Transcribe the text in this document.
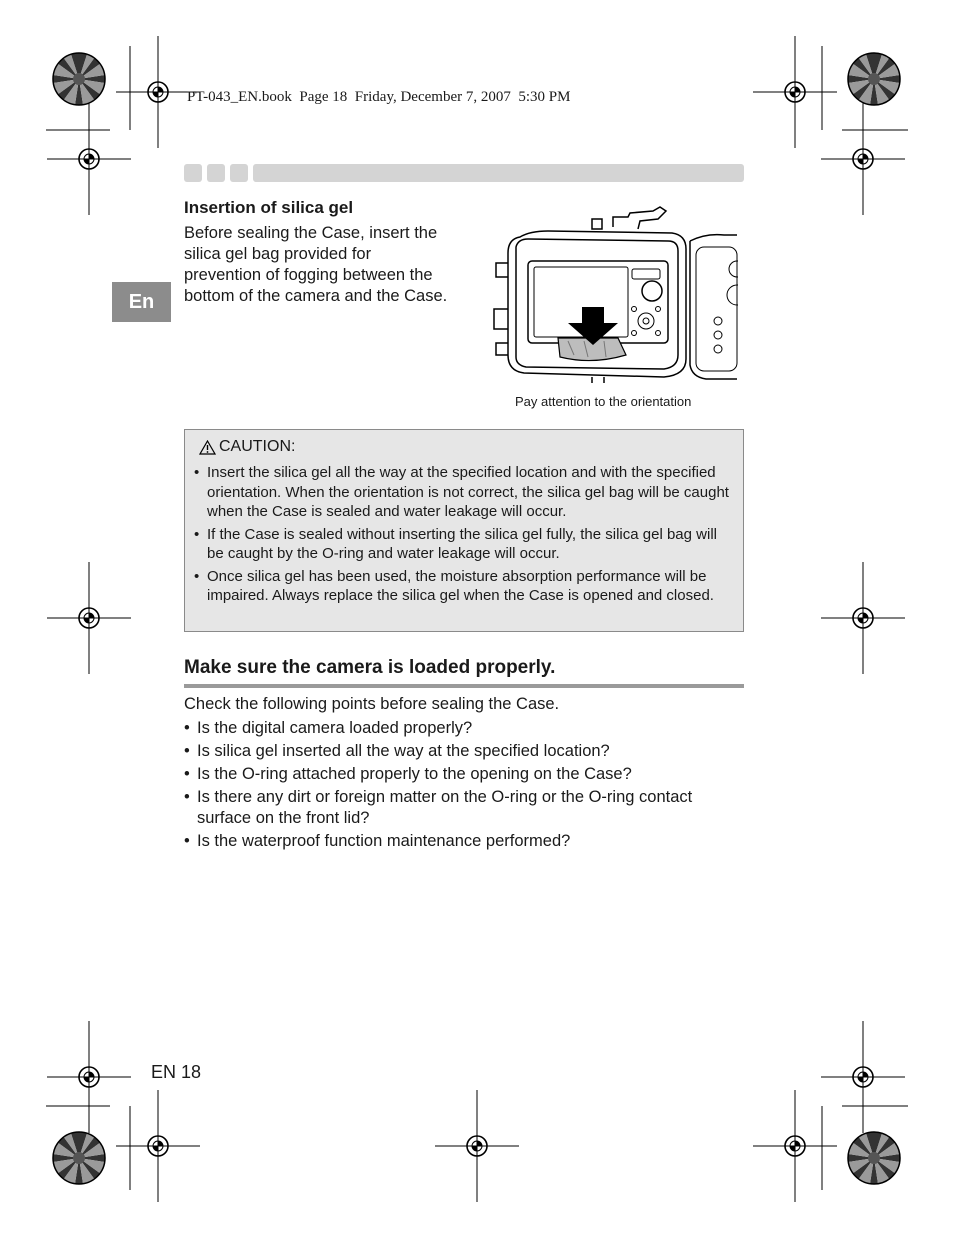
PT-043_EN.book  Page 18  Friday, December 7, 2007  5:30 PM
En
Insertion of silica gel
Before sealing the Case, insert the
silica gel bag provided for
prevention of fogging between the
bottom of the camera and the Case.
Pay attention to the orientation
CAUTION:
• Insert the silica gel all the way at the specified location and with the specified orientation. When the orientation is not correct, the silica gel bag will be caught when the Case is sealed and water leakage will occur.
• If the Case is sealed without inserting the silica gel fully, the silica gel bag will be caught by the O-ring and water leakage will occur.
• Once silica gel has been used, the moisture absorption performance will be impaired. Always replace the silica gel when the Case is opened and closed.
Make sure the camera is loaded properly.
Check the following points before sealing the Case.
• Is the digital camera loaded properly?
• Is silica gel inserted all the way at the specified location?
• Is the O-ring attached properly to the opening on the Case?
• Is there any dirt or foreign matter on the O-ring or the O-ring contact surface on the front lid?
• Is the waterproof function maintenance performed?
EN 18
